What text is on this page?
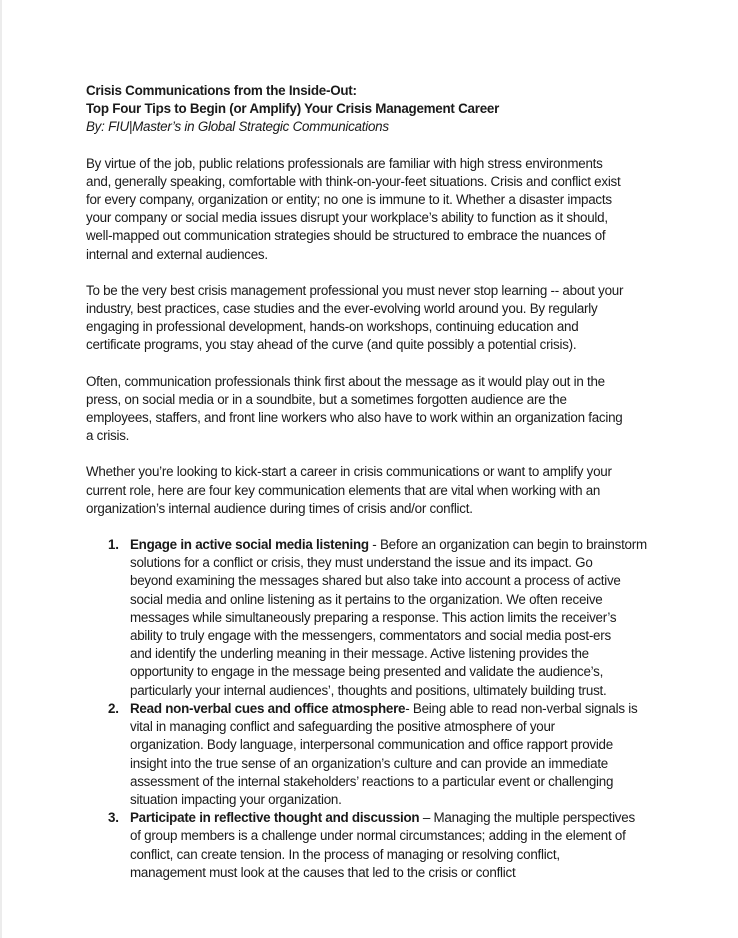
Crisis Communications from the Inside-Out:

Top Four Tips to Begin (or Amplify) Your Crisis Management Career

By: FIU|Master’s in Global Strategic Communications

By virtue of the job, public relations professionals are familiar with high stress environments
and, generally speaking, comfortable with think-on-your-feet situations. Crisis and conflict exist
for every company, organization or entity; no one is immune to it. Whether a disaster impacts
your company or social media issues disrupt your workplace’s ability to function as it should,
well-mapped out communication strategies should be structured to embrace the nuances of
internal and external audiences.
To be the very best crisis management professional you must never stop learning -- about your
industry, best practices, case studies and the ever-evolving world around you. By regularly
engaging in professional development, hands-on workshops, continuing education and
certificate programs, you stay ahead of the curve (and quite possibly a potential crisis).
Often, communication professionals think first about the message as it would play out in the
press, on social media or in a soundbite, but a sometimes forgotten audience are the
employees, staffers, and front line workers who also have to work within an organization facing
a crisis.
Whether you’re looking to kick-start a career in crisis communications or want to amplify your
current role, here are four key communication elements that are vital when working with an
organization’s internal audience during times of crisis and/or conflict.
1. Engage in active social media listening - Before an organization can begin to brainstorm
solutions for a conflict or crisis, they must understand the issue and its impact. Go
beyond examining the messages shared but also take into account a process of active
social media and online listening as it pertains to the organization. We often receive
messages while simultaneously preparing a response. This action limits the receiver’s
ability to truly engage with the messengers, commentators and social media post-ers
and identify the underling meaning in their message. Active listening provides the
opportunity to engage in the message being presented and validate the audience’s,
particularly your internal audiences’, thoughts and positions, ultimately building trust.
2. Read non-verbal cues and office atmosphere- Being able to read non-verbal signals is
vital in managing conflict and safeguarding the positive atmosphere of your
organization. Body language, interpersonal communication and office rapport provide
insight into the true sense of an organization’s culture and can provide an immediate
assessment of the internal stakeholders’ reactions to a particular event or challenging
situation impacting your organization.
3. Participate in reflective thought and discussion – Managing the multiple perspectives
of group members is a challenge under normal circumstances; adding in the element of
conflict, can create tension. In the process of managing or resolving conflict,
management must look at the causes that led to the crisis or conflict
